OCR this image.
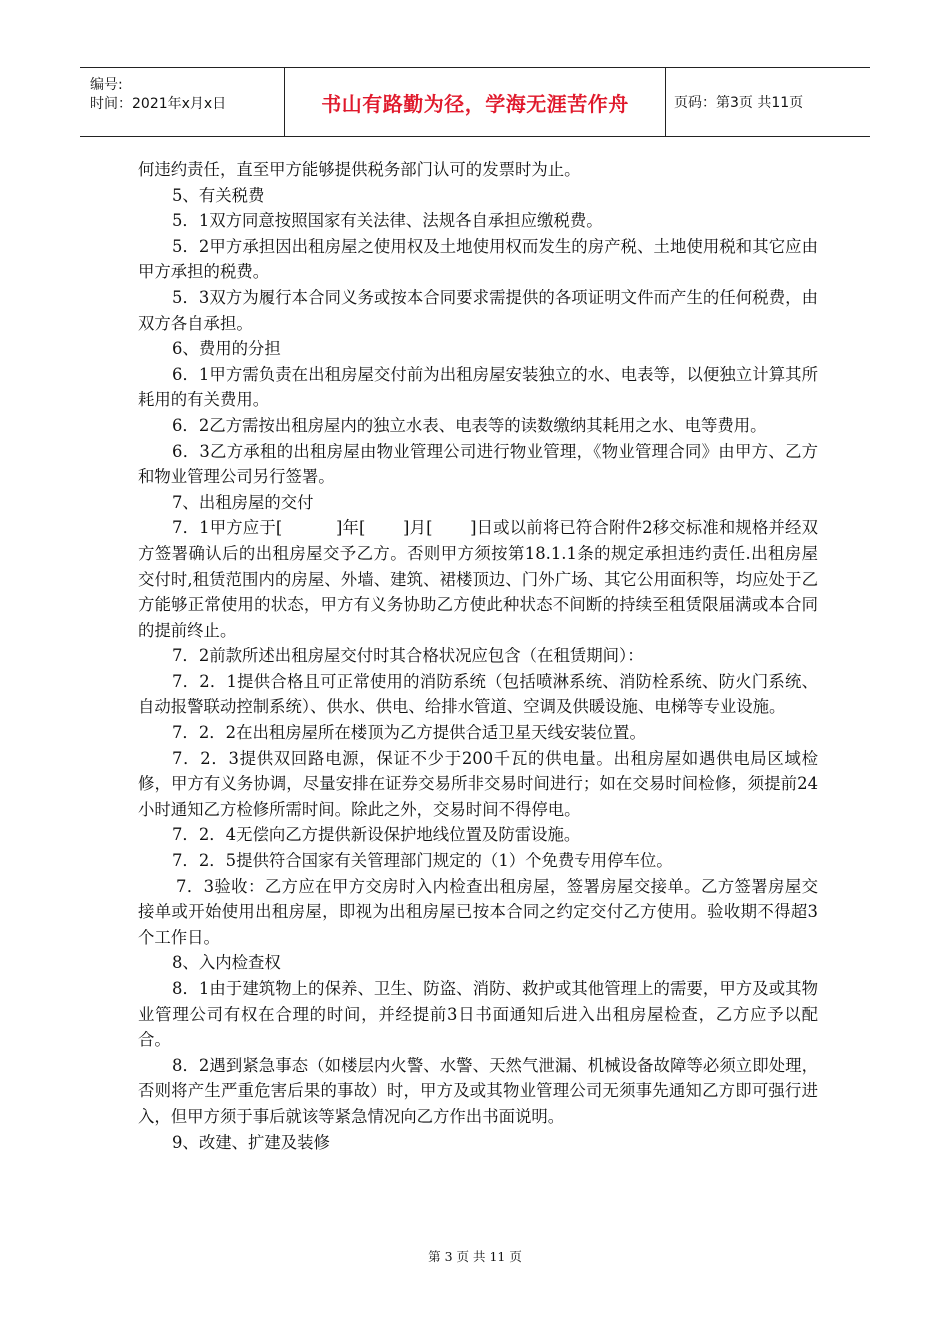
编号:
时间：2021年x月x日	书山有路勤为径，学海无涯苦作舟	页码：第3页 共11页

何违约责任，直至甲方能够提供税务部门认可的发票时为止。

5、有关税费

5．1双方同意按照国家有关法律、法规各自承担应缴税费。

5．2甲方承担因出租房屋之使用权及土地使用权而发生的房产税、土地使用税和其它应由甲方承担的税费。

5．3双方为履行本合同义务或按本合同要求需提供的各项证明文件而产生的任何税费，由双方各自承担。

6、费用的分担

6．1甲方需负责在出租房屋交付前为出租房屋安装独立的水、电表等，以便独立计算其所耗用的有关费用。

6．2乙方需按出租房屋内的独立水表、电表等的读数缴纳其耗用之水、电等费用。

6．3乙方承租的出租房屋由物业管理公司进行物业管理，《物业管理合同》由甲方、乙方和物业管理公司另行签署。

7、出租房屋的交付

7．1甲方应于[          ]年[       ]月[       ]日或以前将已符合附件2移交标准和规格并经双方签署确认后的出租房屋交予乙方。否则甲方须按第18.1.1条的规定承担违约责任.出租房屋交付时,租赁范围内的房屋、外墙、建筑、裙楼顶边、门外广场、其它公用面积等，均应处于乙方能够正常使用的状态，甲方有义务协助乙方使此种状态不间断的持续至租赁限届满或本合同的提前终止。

7．2前款所述出租房屋交付时其合格状况应包含（在租赁期间）：

7．2．1提供合格且可正常使用的消防系统（包括喷淋系统、消防栓系统、防火门系统、自动报警联动控制系统）、供水、供电、给排水管道、空调及供暖设施、电梯等专业设施。

7．2．2在出租房屋所在楼顶为乙方提供合适卫星天线安装位置。

7．2．3提供双回路电源，保证不少于200千瓦的供电量。出租房屋如遇供电局区域检修，甲方有义务协调，尽量安排在证券交易所非交易时间进行；如在交易时间检修，须提前24小时通知乙方检修所需时间。除此之外，交易时间不得停电。

7．2．4无偿向乙方提供新设保护地线位置及防雷设施。

7．2．5提供符合国家有关管理部门规定的（1）个免费专用停车位。

7．3验收：乙方应在甲方交房时入内检查出租房屋，签署房屋交接单。乙方签署房屋交接单或开始使用出租房屋，即视为出租房屋已按本合同之约定交付乙方使用。验收期不得超3个工作日。

8、入内检查权

8．1由于建筑物上的保养、卫生、防盗、消防、救护或其他管理上的需要，甲方及或其物业管理公司有权在合理的时间，并经提前3日书面通知后进入出租房屋检查，乙方应予以配合。

8．2遇到紧急事态（如楼层内火警、水警、天然气泄漏、机械设备故障等必须立即处理，否则将产生严重危害后果的事故）时，甲方及或其物业管理公司无须事先通知乙方即可强行进入，但甲方须于事后就该等紧急情况向乙方作出书面说明。

9、改建、扩建及装修

第 3 页 共 11 页
